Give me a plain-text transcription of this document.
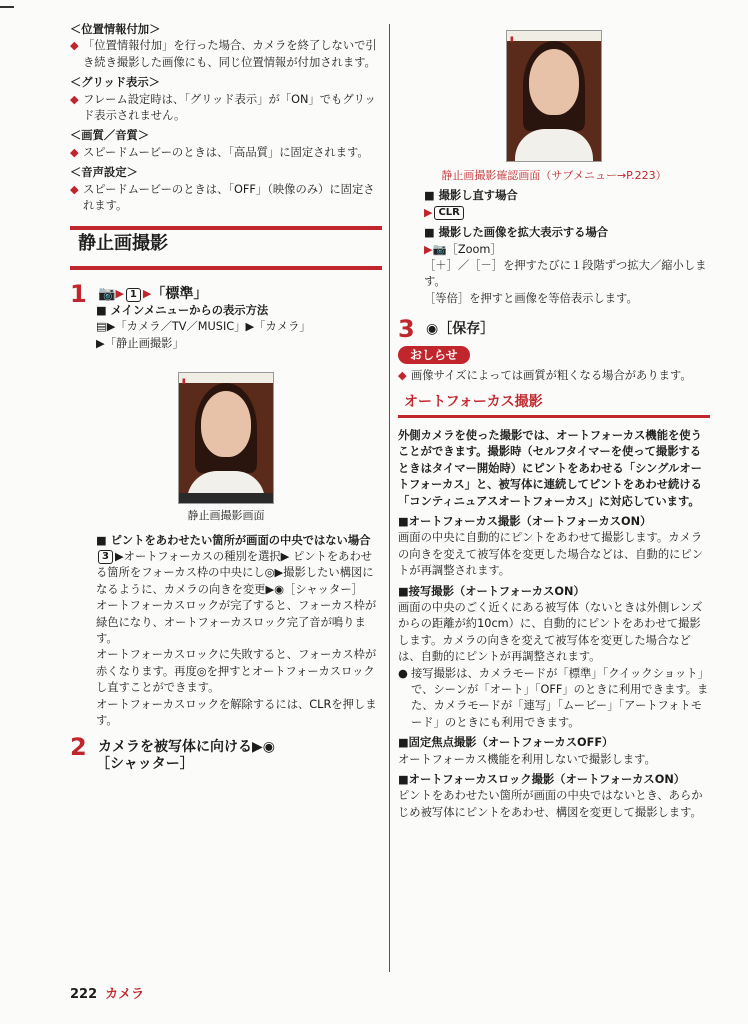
＜位置情報付加＞

◆ 「位置情報付加」を行った場合、カメラを終了しないで引き続き撮影した画像にも、同じ位置情報が付加されます。

＜グリッド表示＞

◆ フレーム設定時は、「グリッド表示」が「ON」でもグリッド表示されません。

＜画質／音質＞

◆ スピードムービーのときは、「高品質」に固定されます。

＜音声設定＞

◆ スピードムービーのときは、「OFF」（映像のみ）に固定されます。

静止画撮影
1 📷 ▶ 1 ▶ 「標準」

■ メインメニューからの表示方法

▤▶「カメラ／TV／MUSIC」▶「カメラ」

▶「静止画撮影」

▮
静止画撮影画面

■ ピントをあわせたい箇所が画面の中央ではない場合

3 ▶オートフォーカスの種別を選択▶ ピントをあわせる箇所をフォーカス枠の中央にし◎▶撮影したい構図になるように、カメラの向きを変更▶◉［シャッター］

オートフォーカスロックが完了すると、フォーカス枠が緑色になり、オートフォーカスロック完了音が鳴ります。

オートフォーカスロックに失敗すると、フォーカス枠が赤くなります。再度◎を押すとオートフォーカスロックし直すことができます。

オートフォーカスロックを解除するには、CLRを押します。

2 カメラを被写体に向ける▶◉
［シャッター］
▮
静止画撮影確認画面（サブメニュー→P.223）

■ 撮影し直す場合

▶ CLR

■ 撮影した画像を拡大表示する場合

▶📷［Zoom］

［＋］／［－］を押すたびに１段階ずつ拡大／縮小します。

［等倍］を押すと画像を等倍表示します。

3 ◉［保存］
おしらせ

◆ 画像サイズによっては画質が粗くなる場合があります。

オートフォーカス撮影

外側カメラを使った撮影では、オートフォーカス機能を使うことができます。撮影時（セルフタイマーを使って撮影するときはタイマー開始時）にピントをあわせる「シングルオートフォーカス」と、被写体に連続してピントをあわせ続ける「コンティニュアスオートフォーカス」に対応しています。

■オートフォーカス撮影（オートフォーカスON）

画面の中央に自動的にピントをあわせて撮影します。カメラの向きを変えて被写体を変更した場合などは、自動的にピントが再調整されます。

■接写撮影（オートフォーカスON）

画面の中央のごく近くにある被写体（ないときは外側レンズからの距離が約10cm）に、自動的にピントをあわせて撮影します。カメラの向きを変えて被写体を変更した場合などは、自動的にピントが再調整されます。

● 接写撮影は、カメラモードが「標準」「クイックショット」で、シーンが「オート」「OFF」のときに利用できます。また、カメラモードが「連写」「ムービー」「アートフォトモード」のときにも利用できます。

■固定焦点撮影（オートフォーカスOFF）

オートフォーカス機能を利用しないで撮影します。

■オートフォーカスロック撮影（オートフォーカスON）

ピントをあわせたい箇所が画面の中央ではないとき、あらかじめ被写体にピントをあわせ、構図を変更して撮影します。

222 カメラ
